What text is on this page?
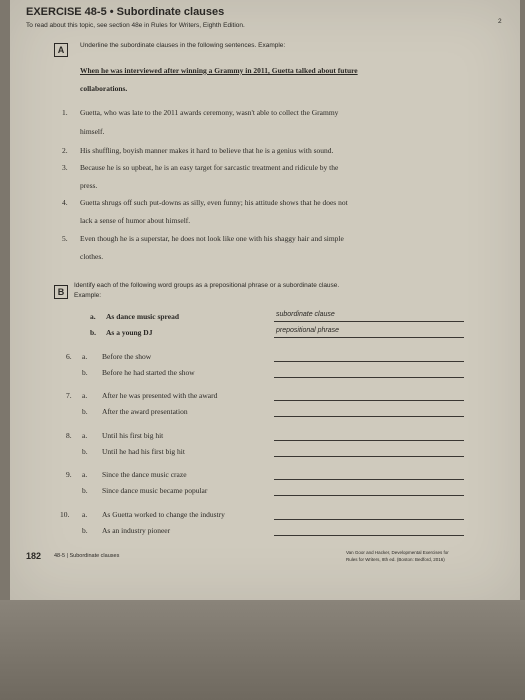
EXERCISE 48-5 • Subordinate clauses
To read about this topic, see section 48e in Rules for Writers, Eighth Edition.
2
A	Underline the subordinate clauses in the following sentences. Example:
When he was interviewed after winning a Grammy in 2011, Guetta talked about future
collaborations.
1. Guetta, who was late to the 2011 awards ceremony, wasn't able to collect the Grammy
himself.
2. His shuffling, boyish manner makes it hard to believe that he is a genius with sound.
3. Because he is so upbeat, he is an easy target for sarcastic treatment and ridicule by the
press.
4. Guetta shrugs off such put-downs as silly, even funny; his attitude shows that he does not
lack a sense of humor about himself.
5. Even though he is a superstar, he does not look like one with his shaggy hair and simple
clothes.
B
Identify each of the following word groups as a prepositional phrase or a subordinate clause.
Example:
a. As dance music spread	subordinate clause
b. As a young DJ	prepositional phrase
6. a. Before the show
b. Before he had started the show
7. a. After he was presented with the award
b. After the award presentation
8. a. Until his first big hit
b. Until he had his first big hit
9. a. Since the dance music craze
b. Since dance music became popular
10. a. As Guetta worked to change the industry
b. As an industry pioneer
182 48-5 | Subordinate clauses
Van Goor and Hacker, Developmental Exercises for
Rules for Writers, 8th ed. (Boston: Bedford, 2016)
